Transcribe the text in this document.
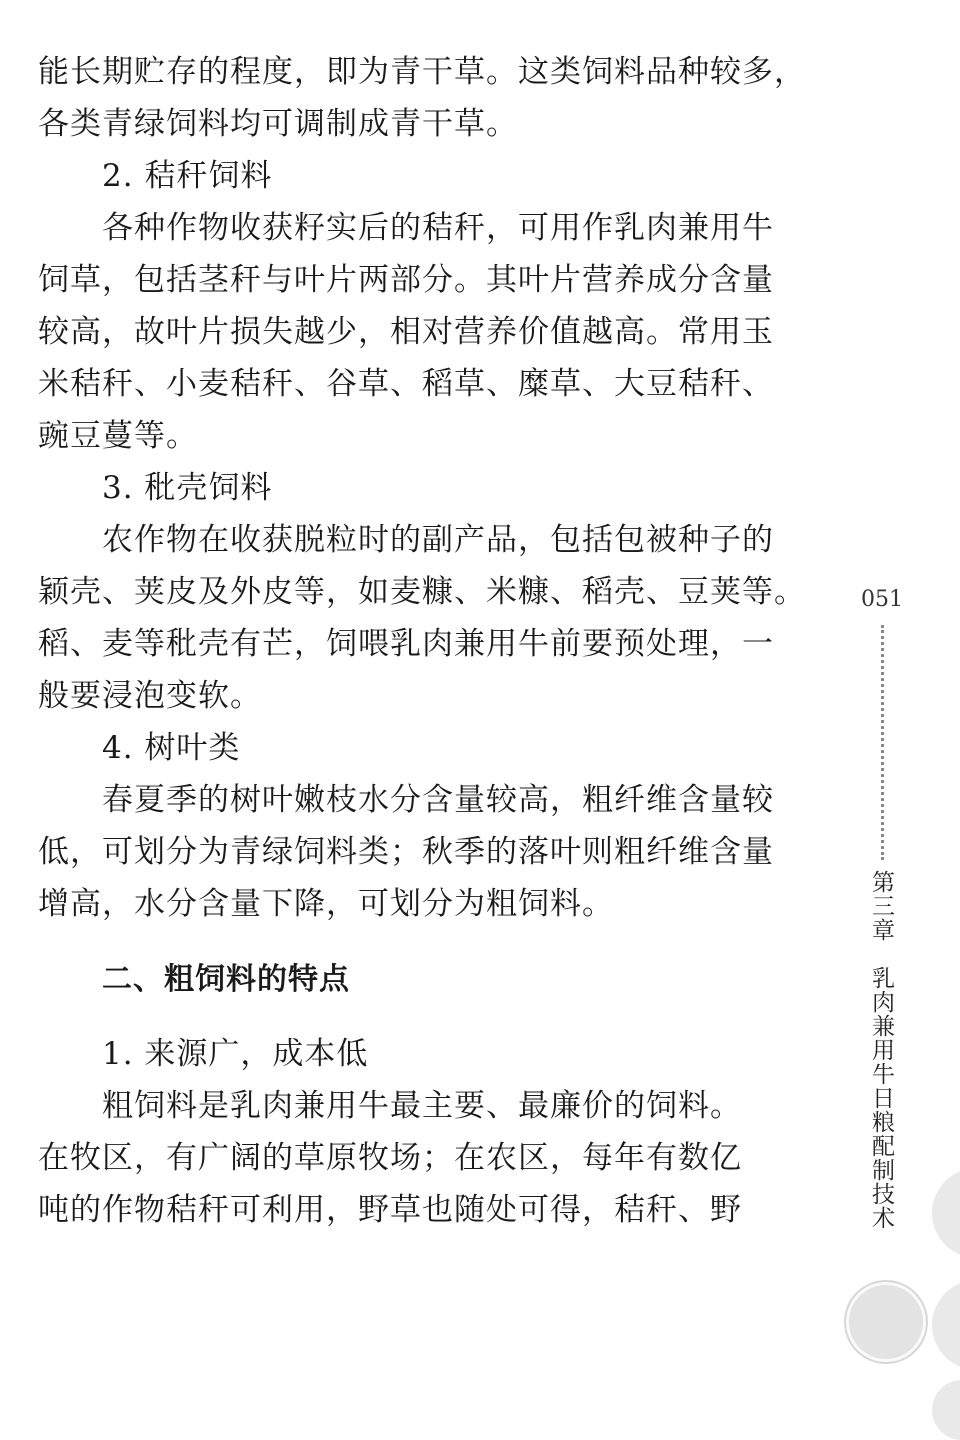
能长期贮存的程度，即为青干草。这类饲料品种较多，
各类青绿饲料均可调制成青干草。
2. 秸秆饲料
各种作物收获籽实后的秸秆，可用作乳肉兼用牛
饲草，包括茎秆与叶片两部分。其叶片营养成分含量
较高，故叶片损失越少，相对营养价值越高。常用玉
米秸秆、小麦秸秆、谷草、稻草、糜草、大豆秸秆、
豌豆蔓等。
3. 秕壳饲料
农作物在收获脱粒时的副产品，包括包被种子的
颖壳、荚皮及外皮等，如麦糠、米糠、稻壳、豆荚等。
稻、麦等秕壳有芒，饲喂乳肉兼用牛前要预处理，一
般要浸泡变软。
4. 树叶类
春夏季的树叶嫩枝水分含量较高，粗纤维含量较
低，可划分为青绿饲料类；秋季的落叶则粗纤维含量
增高，水分含量下降，可划分为粗饲料。
二、粗饲料的特点
1. 来源广，成本低
粗饲料是乳肉兼用牛最主要、最廉价的饲料。
在牧区，有广阔的草原牧场；在农区，每年有数亿
吨的作物秸秆可利用，野草也随处可得，秸秆、野
051
第三章乳肉兼用牛日粮配制技术
